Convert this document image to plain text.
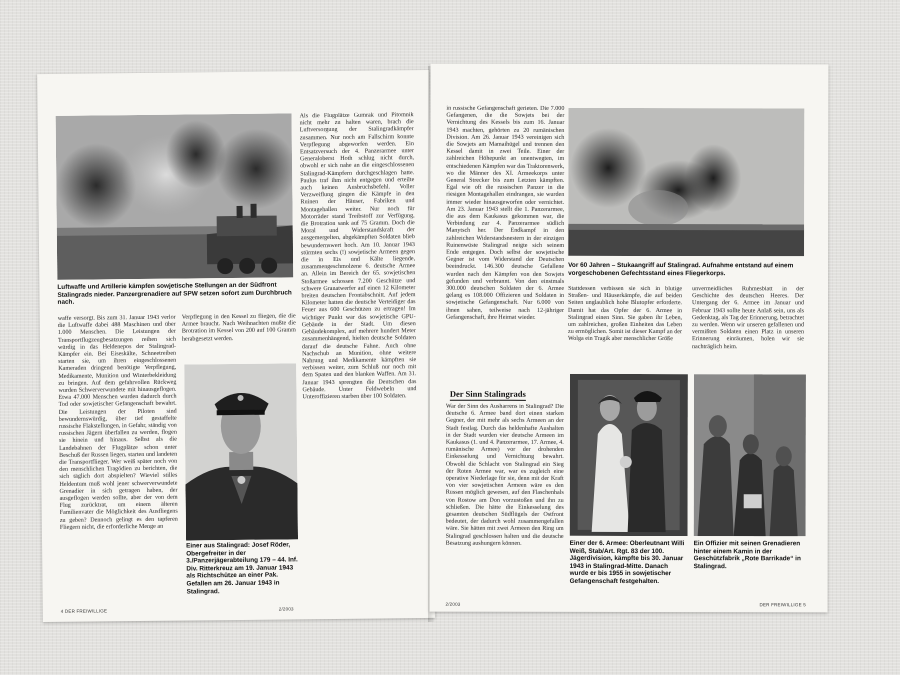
Luftwaffe und Artillerie kämpfen sowjetische Stellungen an der Südfront Stalingrads nieder. Panzergrenadiere auf SPW setzen sofort zum Durchbruch nach.
Als die Flugplätze Gumrak und Pitomnik nicht mehr zu halten waren, brach die Luftversorgung der Stalingradkämpfer zusammen. Nur noch am Fallschirm konnte Verpflegung abgeworfen werden. Ein Entsatzversuch der 4. Panzerarmee unter Generaloberst Hoth schlug nicht durch, obwohl er sich nahe an die eingeschlossenen Stalingrad-Kämpfern durchgeschlagen hatte. Paulus traf ihm nicht entgegen und erteilte auch keinen Ausbruchsbefehl. Voller Verzweiflung gingen die Kämpfe in den Ruinen der Häuser, Fabriken und Montagehallen weiter. Nur noch für Motorräder stand Treibstoff zur Verfügung, die Brotration sank auf 75 Gramm. Doch die Moral und Widerstandskraft der ausgemergelten, abgekämpften Soldaten blieb bewundernswert hoch. Am 10. Januar 1943 stürmten sechs (!) sowjetische Armeen gegen die in Eis und Kälte liegende, zusammengeschmolzene 6. deutsche Armee an. Allein im Bereich der 65. sowjetischen Stoßarmee schossen 7.200 Geschütze und schwere Granatwerfer auf einen 12 Kilometer breiten deutschen Frontabschnitt. Auf jedem Kilometer hatten die deutsche Verteidiger das Feuer aus 600 Geschützen zu ertragen! Im wichtiger Punkt war das sowjetische GPU-Gebäude in der Stadt. Um diesen Gebäudekomplex, auf mehrere hundert Meter zusammenhängend, hielten deutsche Soldaten darauf die deutsche Fahne. Auch ohne Nachschub an Munition, ohne weitere Nahrung und Medikamente kämpften sie verbissen weiter, zum Schluß nur noch mit dem Spaten und den blanken Waffen. Am 31. Januar 1943 sprengten die Deutschen das Gebäude. Unter Feldwebeln und Unteroffizieren starben über 100 Soldaten.
waffe versorgt. Bis zum 31. Januar 1943 verlor die Luftwaffe dabei 488 Maschinen und über 1.000 Menschen. Die Leistungen der Transportflugzeugbesatzungen reihen sich würdig in das Heldenepos der Stalingrad-Kämpfer ein. Bei Eiseskälte, Schneetreiben starten sie, um ihren eingeschlossenen Kameraden dringend benötigte Verpflegung, Medikamente, Munition und Winterbekleidung zu bringen. Auf dem gefahrvollen Rückweg wurden Schwerverwundete mit hinausgeflogen. Etwa 47.000 Menschen wurden dadurch durch Tod oder sowjetischer Gefangenschaft bewahrt. Die Leistungen der Piloten sind bewundernswürdig, über tief gestaffelte russische Flakstellungen, in Gefahr, ständig von russischen Jägern überfallen zu werden, flogen sie hinein und hinaus. Selbst als die Landebahnen der Flugplätze schon unter Beschuß der Russen liegen, starten und landeten die Transportflieger. Wer weiß später noch von den menschlichen Tragödien zu berichten, die sich täglich dort abspielten? Wieviel stilles Heldentum muß wohl jener schwerverwundete Grenadier in sich getragen haben, der ausgeflogen werden sollte, aber der von dem Flug zurücktrat, um einem älteren Familienvater die Möglichkeit des Ausfliegens zu geben? Dennoch gelingt es den tapferen Fliegern nicht, die erforderliche Menge an
Verpflegung in den Kessel zu fliegen, die die Armee braucht. Nach Weihnachten mußte die Brotration im Kessel von 200 auf 100 Gramm herabgesetzt werden.
Einer aus Stalingrad: Josef Röder, Obergefreiter in der 3./Panzerjägerabteilung 179 – 44. Inf. Div. Ritterkreuz am 19. Januar 1943 als Richtschütze an einer Pak. Gefallen am 26. Januar 1943 in Stalingrad.
4 DER FREIWILLIGE	2/2003
in russische Gefangenschaft gerieten. Die 7.000 Gefangenen, die die Sowjets bei der Vernichtung des Kessels bis zum 16. Januar 1943 machten, gehörten zu 20 rumänischen Division. Am 26. Januar 1943 vereinigen sich die Sowjets am Mamaihügel und trennen den Kessel damit in zwei Teile. Einer der zahlreichen Höhepunkt an unentwegten, im entschiedenen Kämpfen war das Traktorenwerk, wo die Männer des XI. Armeekorps unter General Strecker bis zum Letzten kämpften. Egal wie oft die russischen Panzer in die riesigen Montagehallen eindrangen, sie wurden immer wieder hinausgeworfen oder vernichtet. Am 23. Januar 1943 stellt die 1. Panzerarmee, die aus dem Kaukasus gekommen war, die Verbindung zur 4. Panzerarmee südlich Manytsch her. Der Endkampf in den zahlreichen Widerstandsnestern in der einzigen Ruinenwüste Stalingrad neigte sich seinem Ende entgegen. Doch selbst der sowjetische Gegner ist vom Widerstand der Deutschen beeindruckt. 146.300 deutsche Gefallene wurden nach den Kämpfen von den Sowjets gefunden und verbrannt. Von den einstmals 300.000 deutschen Soldaten der 6. Armee gelang es 108.000 Offizieren und Soldaten in sowjetische Gefangenschaft. Nur 6.000 von ihnen sahen, teilweise nach 12-jähriger Gefangenschaft, ihre Heimat wieder.
Der Sinn Stalingrads
War der Sinn des Ausharrens in Stalingrad? Die deutsche 6. Armee band dort einen starken Gegner, der mit mehr als sechs Armeen an der Stadt festlag. Durch das heldenhafte Aushalten in der Stadt wurden vier deutsche Armeen im Kaukasus (1. und 4. Panzerarmee, 17. Armee, 4. rumänische Armee) vor der drohenden Einkesselung und Vernichtung bewahrt. Obwohl die Schlacht von Stalingrad ein Sieg der Roten Armee war, war es zugleich eine operative Niederlage für sie, denn mit der Kraft von vier sowjetischen Armeen wäre es den Russen möglich gewesen, auf den Flaschenhals von Rostow am Don vorzustoßen und ihn zu schließen. Die hätte die Einkesselung des gesamten deutschen Südflügels der Ostfront bedeutet, der dadurch wohl zusammengefallen wäre. Sie hätten mit zwei Armeen den Ring um Stalingrad geschlossen halten und die deutsche Besatzung aushungern können.
Vor 60 Jahren – Stukaangriff auf Stalingrad. Aufnahme entstand auf einem vorgeschobenen Gefechtsstand eines Fliegerkorps.
Stattdessen verbissen sie sich in blutige Straßen- und Häuserkämpfe, die auf beiden Seiten unglaublich hohe Blutopfer erforderte. Damit hat das Opfer der 6. Armee in Stalingrad einen Sinn. Sie gaben ihr Leben, um zahlreichen, großen Einheiten das Leben zu ermöglichen. Somit ist dieser Kampf an der Wolga ein Tragik aber menschlicher Größe
unvermeidliches Ruhmesblatt in der Geschichte des deutschen Heeres. Der Untergang der 6. Armee im Januar und Februar 1943 sollte heute Anlaß sein, uns als Gedenktag, als Tag der Erinnerung, betrachtet zu werden. Wenn wir unseren gefallenen und vermißten Soldaten einen Platz in unseren Erinnerung einräumen, holen wir sie nachträglich heim.
Einer der 6. Armee: Oberleutnant Willi Weiß, Stab/Art. Rgt. 83 der 100. Jägerdivision, kämpfte bis 30. Januar 1943 in Stalingrad-Mitte. Danach wurde er bis 1955 in sowjetischer Gefangenschaft festgehalten.
Ein Offizier mit seinen Grenadieren hinter einem Kamin in der Geschützfabrik „Rote Barrikade“ in Stalingrad.
2/2003	DER FREIWILLIGE 5
